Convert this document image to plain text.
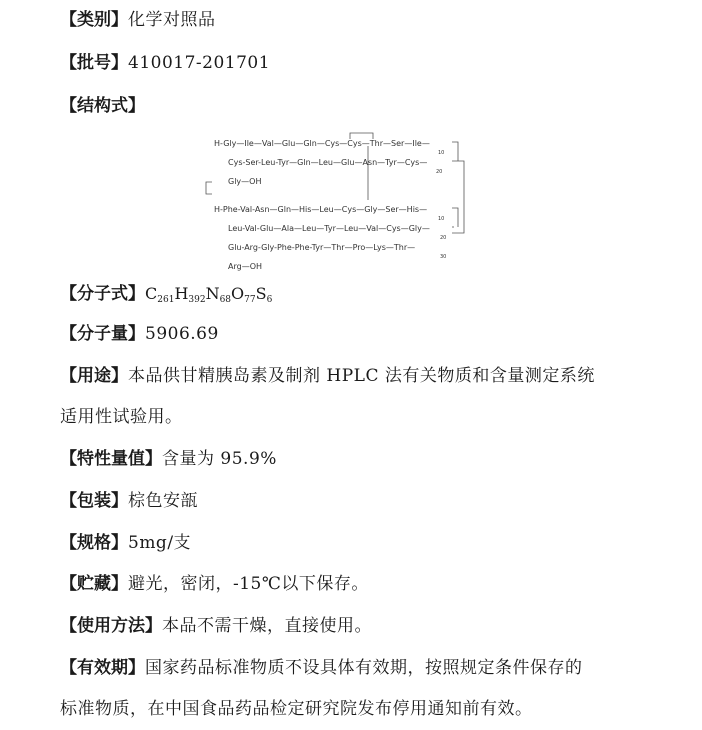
【类别】化学对照品
【批号】410017-201701
【结构式】
H-Gly—Ile—Val—Glu—Gln—Cys—Cys—Thr—Ser—Ile—
10
Cys-Ser-Leu-Tyr—Gln—Leu—Glu—Asn—Tyr—Cys—
20
Gly—OH
H-Phe-Val-Asn—Gln—His—Leu—Cys—Gly—Ser—His—
10
Leu-Val-Glu—Ala—Leu—Tyr—Leu—Val—Cys—Gly—
20
Glu-Arg-Gly-Phe-Phe-Tyr—Thr—Pro—Lys—Thr—
30
Arg—OH
【分子式】$C_{261}H_{392}N_{68}O_{77}S_6$
【分子量】5906.69
【用途】本品供甘精胰岛素及制剂 HPLC 法有关物质和含量测定系统
适用性试验用。
【特性量值】含量为 95.9%
【包装】棕色安瓿
【规格】5mg/支
【贮藏】避光，密闭，-15℃以下保存。
【使用方法】本品不需干燥，直接使用。
【有效期】国家药品标准物质不设具体有效期，按照规定条件保存的
标准物质，在中国食品药品检定研究院发布停用通知前有效。
